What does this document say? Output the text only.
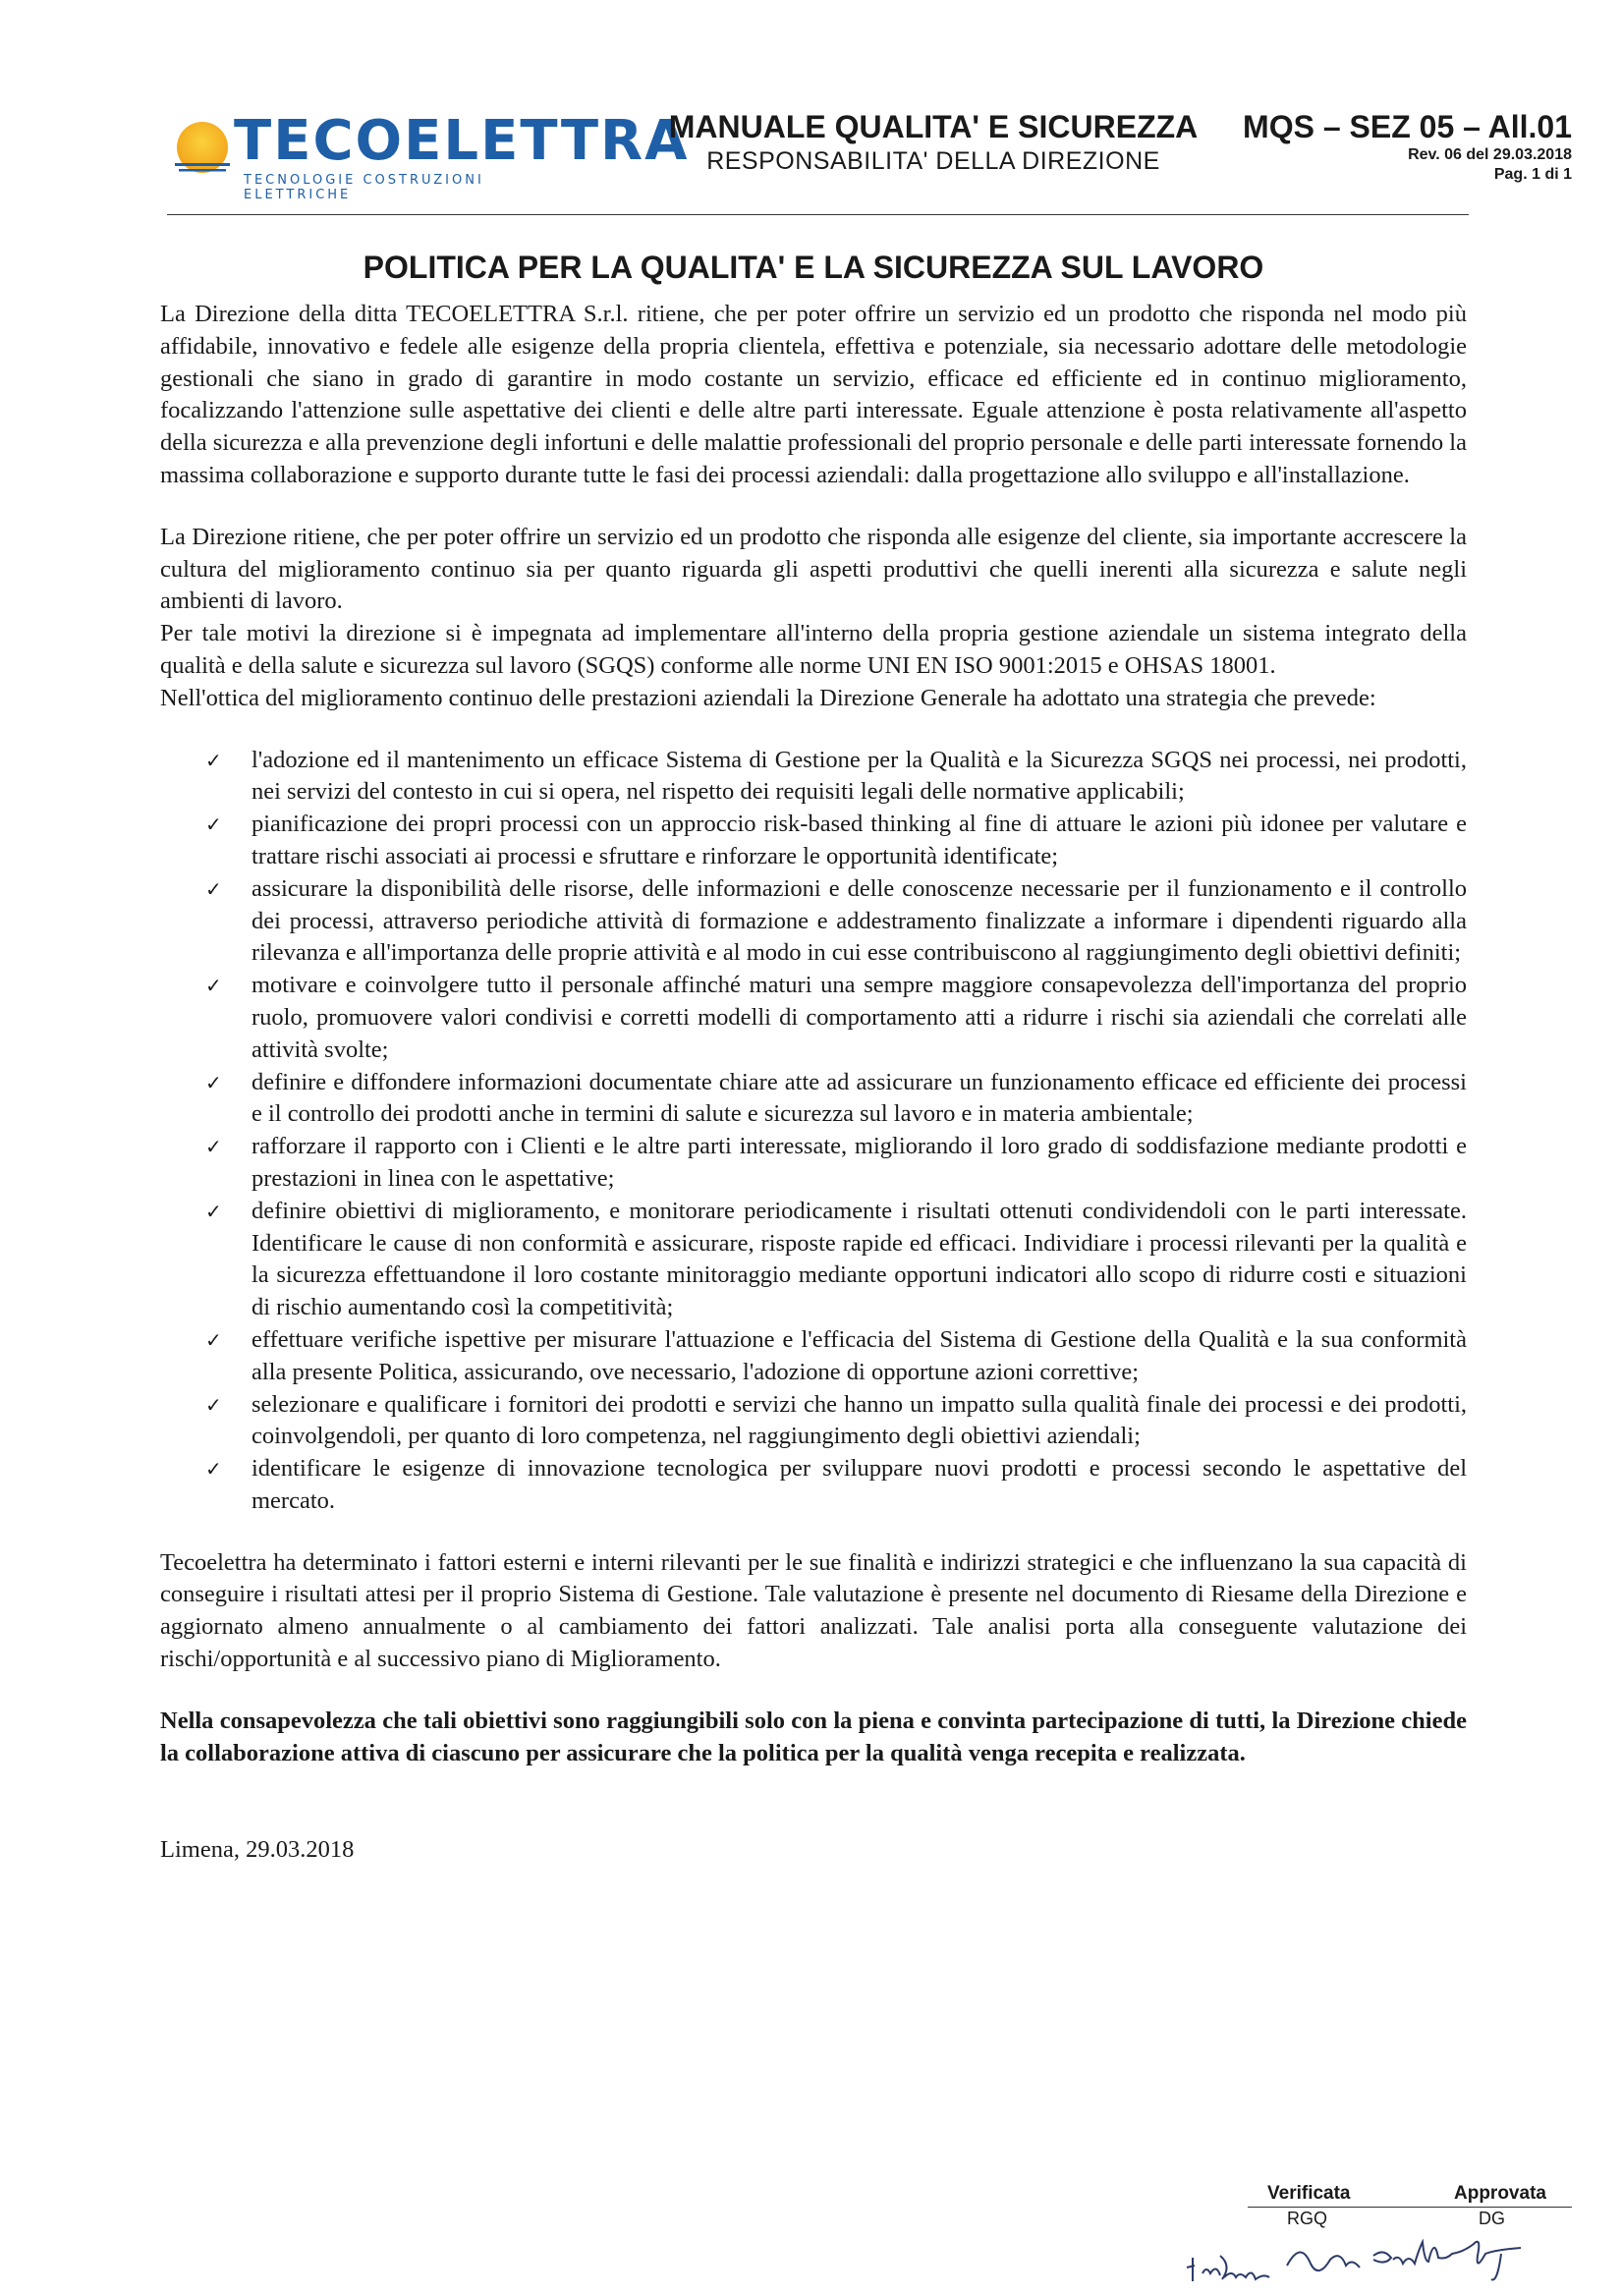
TECOELETTRA
TECNOLOGIE COSTRUZIONI ELETTRICHE
MANUALE QUALITA' E SICUREZZA
RESPONSABILITA' DELLA DIREZIONE
MQS – SEZ 05 – All.01
Rev. 06 del 29.03.2018
Pag. 1 di 1
POLITICA PER LA QUALITA' E LA SICUREZZA SUL LAVORO

La Direzione della ditta TECOELETTRA S.r.l. ritiene, che per poter offrire un servizio ed un prodotto che risponda nel modo più affidabile, innovativo e fedele alle esigenze della propria clientela, effettiva e potenziale, sia necessario adottare delle metodologie gestionali che siano in grado di garantire in modo costante un servizio, efficace ed efficiente ed in continuo miglioramento, focalizzando l'attenzione sulle aspettative dei clienti e delle altre parti interessate. Eguale attenzione è posta relativamente all'aspetto della sicurezza e alla prevenzione degli infortuni e delle malattie professionali del proprio personale e delle parti interessate fornendo la massima collaborazione e supporto durante tutte le fasi dei processi aziendali: dalla progettazione allo sviluppo e all'installazione.

La Direzione ritiene, che per poter offrire un servizio ed un prodotto che risponda alle esigenze del cliente, sia importante accrescere la cultura del miglioramento continuo sia per quanto riguarda gli aspetti produttivi che quelli inerenti alla sicurezza e salute negli ambienti di lavoro.

Per tale motivi la direzione si è impegnata ad implementare all'interno della propria gestione aziendale un sistema integrato della qualità e della salute e sicurezza sul lavoro (SGQS) conforme alle norme UNI EN ISO 9001:2015 e OHSAS 18001.

Nell'ottica del miglioramento continuo delle prestazioni aziendali la Direzione Generale ha adottato una strategia che prevede:

✓ l'adozione ed il mantenimento un efficace Sistema di Gestione per la Qualità e la Sicurezza SGQS nei processi, nei prodotti, nei servizi del contesto in cui si opera, nel rispetto dei requisiti legali delle normative applicabili;
✓ pianificazione dei propri processi con un approccio risk-based thinking al fine di attuare le azioni più idonee per valutare e trattare rischi associati ai processi e sfruttare e rinforzare le opportunità identificate;
✓ assicurare la disponibilità delle risorse, delle informazioni e delle conoscenze necessarie per il funzionamento e il controllo dei processi, attraverso periodiche attività di formazione e addestramento finalizzate a informare i dipendenti riguardo alla rilevanza e all'importanza delle proprie attività e al modo in cui esse contribuiscono al raggiungimento degli obiettivi definiti;
✓ motivare e coinvolgere tutto il personale affinché maturi una sempre maggiore consapevolezza dell'importanza del proprio ruolo, promuovere valori condivisi e corretti modelli di comportamento atti a ridurre i rischi sia aziendali che correlati alle attività svolte;
✓ definire e diffondere informazioni documentate chiare atte ad assicurare un funzionamento efficace ed efficiente dei processi e il controllo dei prodotti anche in termini di salute e sicurezza sul lavoro e in materia ambientale;
✓ rafforzare il rapporto con i Clienti e le altre parti interessate, migliorando il loro grado di soddisfazione mediante prodotti e prestazioni in linea con le aspettative;
✓ definire obiettivi di miglioramento, e monitorare periodicamente i risultati ottenuti condividendoli con le parti interessate. Identificare le cause di non conformità e assicurare, risposte rapide ed efficaci. Individiare i processi rilevanti per la qualità e la sicurezza effettuandone il loro costante minitoraggio mediante opportuni indicatori allo scopo di ridurre costi e situazioni di rischio aumentando così la competitività;
✓ effettuare verifiche ispettive per misurare l'attuazione e l'efficacia del Sistema di Gestione della Qualità e la sua conformità alla presente Politica, assicurando, ove necessario, l'adozione di opportune azioni correttive;
✓ selezionare e qualificare i fornitori dei prodotti e servizi che hanno un impatto sulla qualità finale dei processi e dei prodotti, coinvolgendoli, per quanto di loro competenza, nel raggiungimento degli obiettivi aziendali;
✓ identificare le esigenze di innovazione tecnologica per sviluppare nuovi prodotti e processi secondo le aspettative del mercato.

Tecoelettra ha determinato i fattori esterni e interni rilevanti per le sue finalità e indirizzi strategici e che influenzano la sua capacità di conseguire i risultati attesi per il proprio Sistema di Gestione. Tale valutazione è presente nel documento di Riesame della Direzione e aggiornato almeno annualmente o al cambiamento dei fattori analizzati. Tale analisi porta alla conseguente valutazione dei rischi/opportunità e al successivo piano di Miglioramento.

Nella consapevolezza che tali obiettivi sono raggiungibili solo con la piena e convinta partecipazione di tutti, la Direzione chiede la collaborazione attiva di ciascuno per assicurare che la politica per la qualità venga recepita e realizzata.

Limena, 29.03.2018

Verificata	Approvata
RGQ	DG
